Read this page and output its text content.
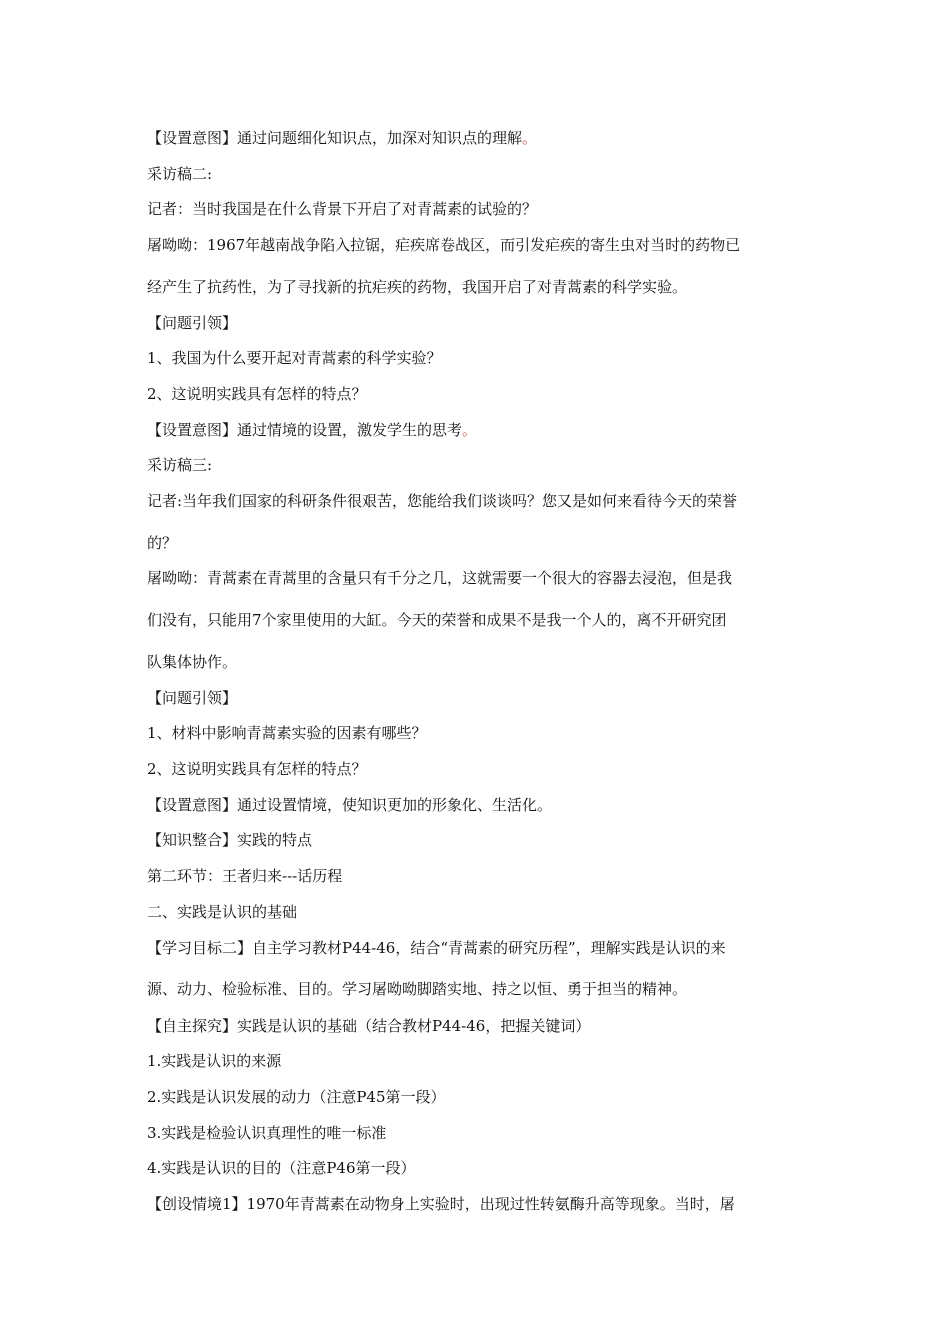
【设置意图】通过问题细化知识点，加深对知识点的理解。
采访稿二:
记者：当时我国是在什么背景下开启了对青蒿素的试验的？
屠呦呦：1967年越南战争陷入拉锯，疟疾席卷战区，而引发疟疾的寄生虫对当时的药物已
经产生了抗药性，为了寻找新的抗疟疾的药物，我国开启了对青蒿素的科学实验。
【问题引领】
1、我国为什么要开起对青蒿素的科学实验？
2、这说明实践具有怎样的特点？
【设置意图】通过情境的设置，激发学生的思考。
采访稿三:
记者:当年我们国家的科研条件很艰苦，您能给我们谈谈吗？您又是如何来看待今天的荣誉
的？
屠呦呦：青蒿素在青蒿里的含量只有千分之几，这就需要一个很大的容器去浸泡，但是我
们没有，只能用7个家里使用的大缸。今天的荣誉和成果不是我一个人的，离不开研究团
队集体协作。
【问题引领】
1、材料中影响青蒿素实验的因素有哪些？
2、这说明实践具有怎样的特点？
【设置意图】通过设置情境，使知识更加的形象化、生活化。
【知识整合】实践的特点
第二环节：王者归来---话历程
二、实践是认识的基础
【学习目标二】自主学习教材P44-46，结合“青蒿素的研究历程”，理解实践是认识的来
源、动力、检验标准、目的。学习屠呦呦脚踏实地、持之以恒、勇于担当的精神。
【自主探究】实践是认识的基础（结合教材P44-46，把握关键词）
1.实践是认识的来源
2.实践是认识发展的动力（注意P45第一段）
3.实践是检验认识真理性的唯一标准
4.实践是认识的目的（注意P46第一段）
【创设情境1】1970年青蒿素在动物身上实验时，出现过性转氨酶升高等现象。当时，屠
